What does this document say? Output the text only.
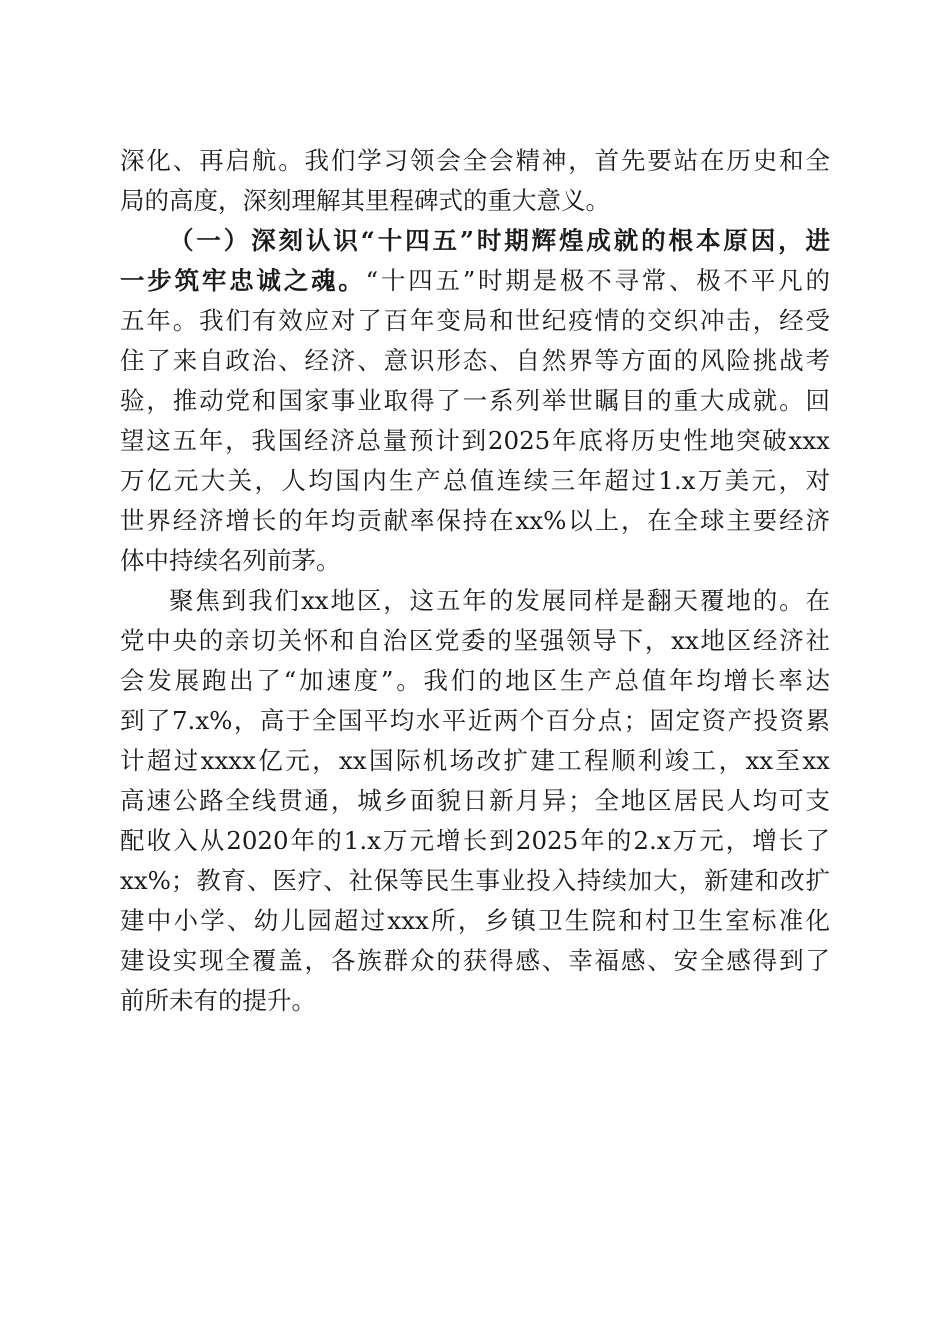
深化、再启航。我们学习领会全会精神，首先要站在历史和全
局的高度，深刻理解其里程碑式的重大意义。
（一）深刻认识“十四五”时期辉煌成就的根本原因，进
一步筑牢忠诚之魂。“十四五”时期是极不寻常、极不平凡的
五年。我们有效应对了百年变局和世纪疫情的交织冲击，经受
住了来自政治、经济、意识形态、自然界等方面的风险挑战考
验，推动党和国家事业取得了一系列举世瞩目的重大成就。回
望这五年，我国经济总量预计到2025年底将历史性地突破xxx
万亿元大关，人均国内生产总值连续三年超过1.x万美元，对
世界经济增长的年均贡献率保持在xx%以上，在全球主要经济
体中持续名列前茅。
聚焦到我们xx地区，这五年的发展同样是翻天覆地的。在
党中央的亲切关怀和自治区党委的坚强领导下，xx地区经济社
会发展跑出了“加速度”。我们的地区生产总值年均增长率达
到了7.x%，高于全国平均水平近两个百分点；固定资产投资累
计超过xxxx亿元，xx国际机场改扩建工程顺利竣工，xx至xx
高速公路全线贯通，城乡面貌日新月异；全地区居民人均可支
配收入从2020年的1.x万元增长到2025年的2.x万元，增长了
xx%；教育、医疗、社保等民生事业投入持续加大，新建和改扩
建中小学、幼儿园超过xxx所，乡镇卫生院和村卫生室标准化
建设实现全覆盖，各族群众的获得感、幸福感、安全感得到了
前所未有的提升。
